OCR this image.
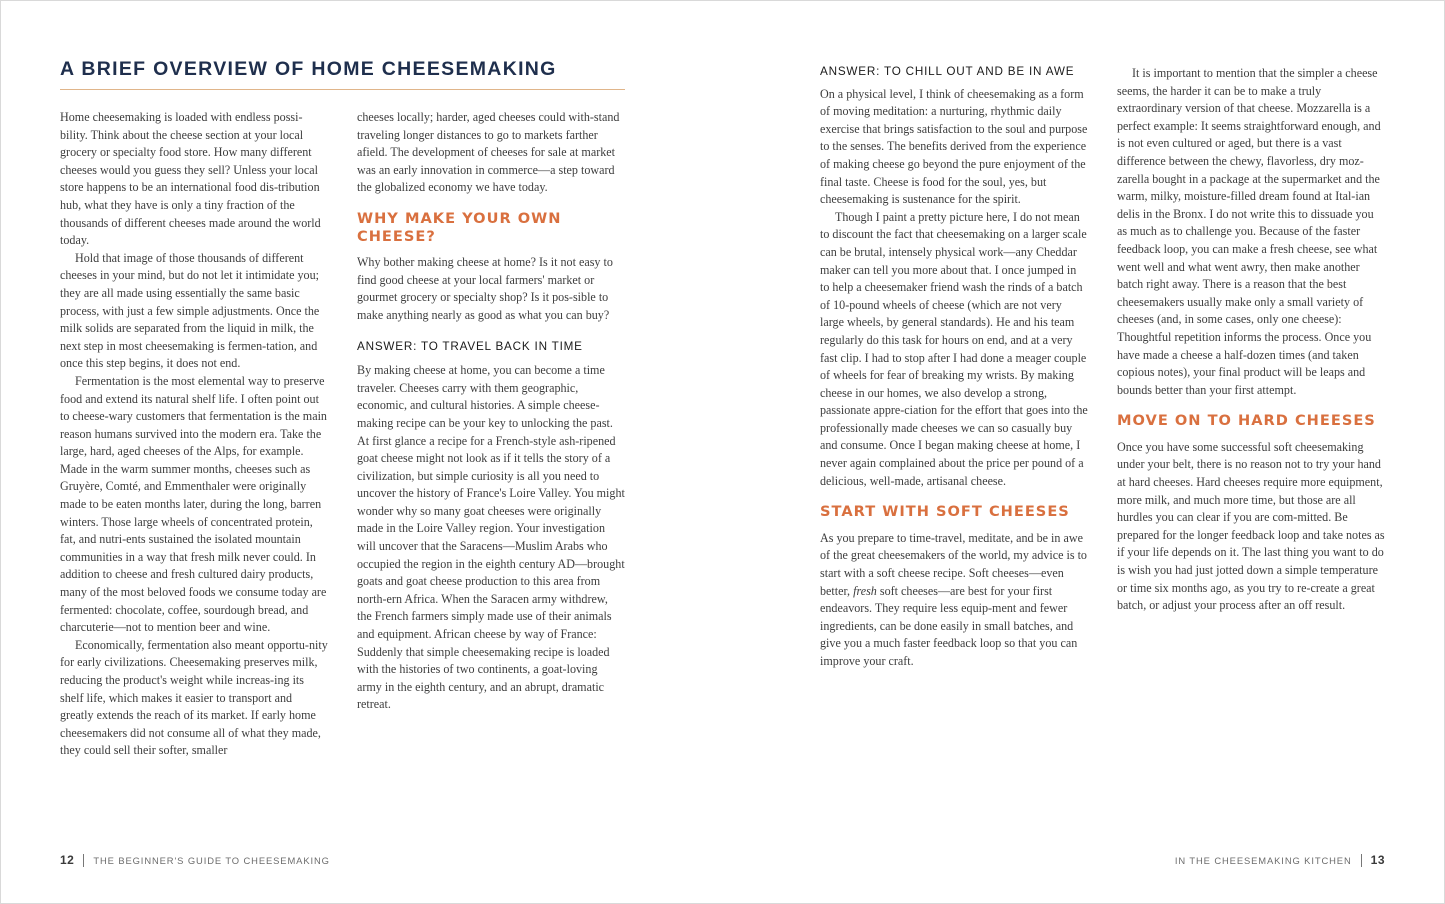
A BRIEF OVERVIEW OF HOME CHEESEMAKING

Home cheesemaking is loaded with endless possi-bility. Think about the cheese section at your local grocery or specialty food store. How many different cheeses would you guess they sell? Unless your local store happens to be an international food dis-tribution hub, what they have is only a tiny fraction of the thousands of different cheeses made around the world today.

Hold that image of those thousands of different cheeses in your mind, but do not let it intimidate you; they are all made using essentially the same basic process, with just a few simple adjustments. Once the milk solids are separated from the liquid in milk, the next step in most cheesemaking is fermen-tation, and once this step begins, it does not end.

Fermentation is the most elemental way to preserve food and extend its natural shelf life. I often point out to cheese-wary customers that fermentation is the main reason humans survived into the modern era. Take the large, hard, aged cheeses of the Alps, for example. Made in the warm summer months, cheeses such as Gruyère, Comté, and Emmenthaler were originally made to be eaten months later, during the long, barren winters. Those large wheels of concentrated protein, fat, and nutri-ents sustained the isolated mountain communities in a way that fresh milk never could. In addition to cheese and fresh cultured dairy products, many of the most beloved foods we consume today are fermented: chocolate, coffee, sourdough bread, and charcuterie—not to mention beer and wine.

Economically, fermentation also meant opportu-nity for early civilizations. Cheesemaking preserves milk, reducing the product's weight while increas-ing its shelf life, which makes it easier to transport and greatly extends the reach of its market. If early home cheesemakers did not consume all of what they made, they could sell their softer, smaller

cheeses locally; harder, aged cheeses could with-stand traveling longer distances to go to markets farther afield. The development of cheeses for sale at market was an early innovation in commerce—a step toward the globalized economy we have today.

WHY MAKE YOUR OWN CHEESE?

Why bother making cheese at home? Is it not easy to find good cheese at your local farmers' market or gourmet grocery or specialty shop? Is it pos-sible to make anything nearly as good as what you can buy?

ANSWER: TO TRAVEL BACK IN TIME

By making cheese at home, you can become a time traveler. Cheeses carry with them geographic, economic, and cultural histories. A simple cheese-making recipe can be your key to unlocking the past. At first glance a recipe for a French-style ash-ripened goat cheese might not look as if it tells the story of a civilization, but simple curiosity is all you need to uncover the history of France's Loire Valley. You might wonder why so many goat cheeses were originally made in the Loire Valley region. Your investigation will uncover that the Saracens—Muslim Arabs who occupied the region in the eighth century AD—brought goats and goat cheese production to this area from north-ern Africa. When the Saracen army withdrew, the French farmers simply made use of their animals and equipment. African cheese by way of France: Suddenly that simple cheesemaking recipe is loaded with the histories of two continents, a goat-loving army in the eighth century, and an abrupt, dramatic retreat.

12 THE BEGINNER'S GUIDE TO CHEESEMAKING
ANSWER: TO CHILL OUT AND BE IN AWE

On a physical level, I think of cheesemaking as a form of moving meditation: a nurturing, rhythmic daily exercise that brings satisfaction to the soul and purpose to the senses. The benefits derived from the experience of making cheese go beyond the pure enjoyment of the final taste. Cheese is food for the soul, yes, but cheesemaking is sustenance for the spirit.

Though I paint a pretty picture here, I do not mean to discount the fact that cheesemaking on a larger scale can be brutal, intensely physical work—any Cheddar maker can tell you more about that. I once jumped in to help a cheesemaker friend wash the rinds of a batch of 10-pound wheels of cheese (which are not very large wheels, by general standards). He and his team regularly do this task for hours on end, and at a very fast clip. I had to stop after I had done a meager couple of wheels for fear of breaking my wrists. By making cheese in our homes, we also develop a strong, passionate appre-ciation for the effort that goes into the professionally made cheeses we can so casually buy and consume. Once I began making cheese at home, I never again complained about the price per pound of a delicious, well-made, artisanal cheese.

START WITH SOFT CHEESES

As you prepare to time-travel, meditate, and be in awe of the great cheesemakers of the world, my advice is to start with a soft cheese recipe. Soft cheeses—even better, fresh soft cheeses—are best for your first endeavors. They require less equip-ment and fewer ingredients, can be done easily in small batches, and give you a much faster feedback loop so that you can improve your craft.

It is important to mention that the simpler a cheese seems, the harder it can be to make a truly extraordinary version of that cheese. Mozzarella is a perfect example: It seems straightforward enough, and is not even cultured or aged, but there is a vast difference between the chewy, flavorless, dry moz-zarella bought in a package at the supermarket and the warm, milky, moisture-filled dream found at Ital-ian delis in the Bronx. I do not write this to dissuade you as much as to challenge you. Because of the faster feedback loop, you can make a fresh cheese, see what went well and what went awry, then make another batch right away. There is a reason that the best cheesemakers usually make only a small variety of cheeses (and, in some cases, only one cheese): Thoughtful repetition informs the process. Once you have made a cheese a half-dozen times (and taken copious notes), your final product will be leaps and bounds better than your first attempt.

MOVE ON TO HARD CHEESES

Once you have some successful soft cheesemaking under your belt, there is no reason not to try your hand at hard cheeses. Hard cheeses require more equipment, more milk, and much more time, but those are all hurdles you can clear if you are com-mitted. Be prepared for the longer feedback loop and take notes as if your life depends on it. The last thing you want to do is wish you had just jotted down a simple temperature or time six months ago, as you try to re-create a great batch, or adjust your process after an off result.

IN THE CHEESEMAKING KITCHEN 13
